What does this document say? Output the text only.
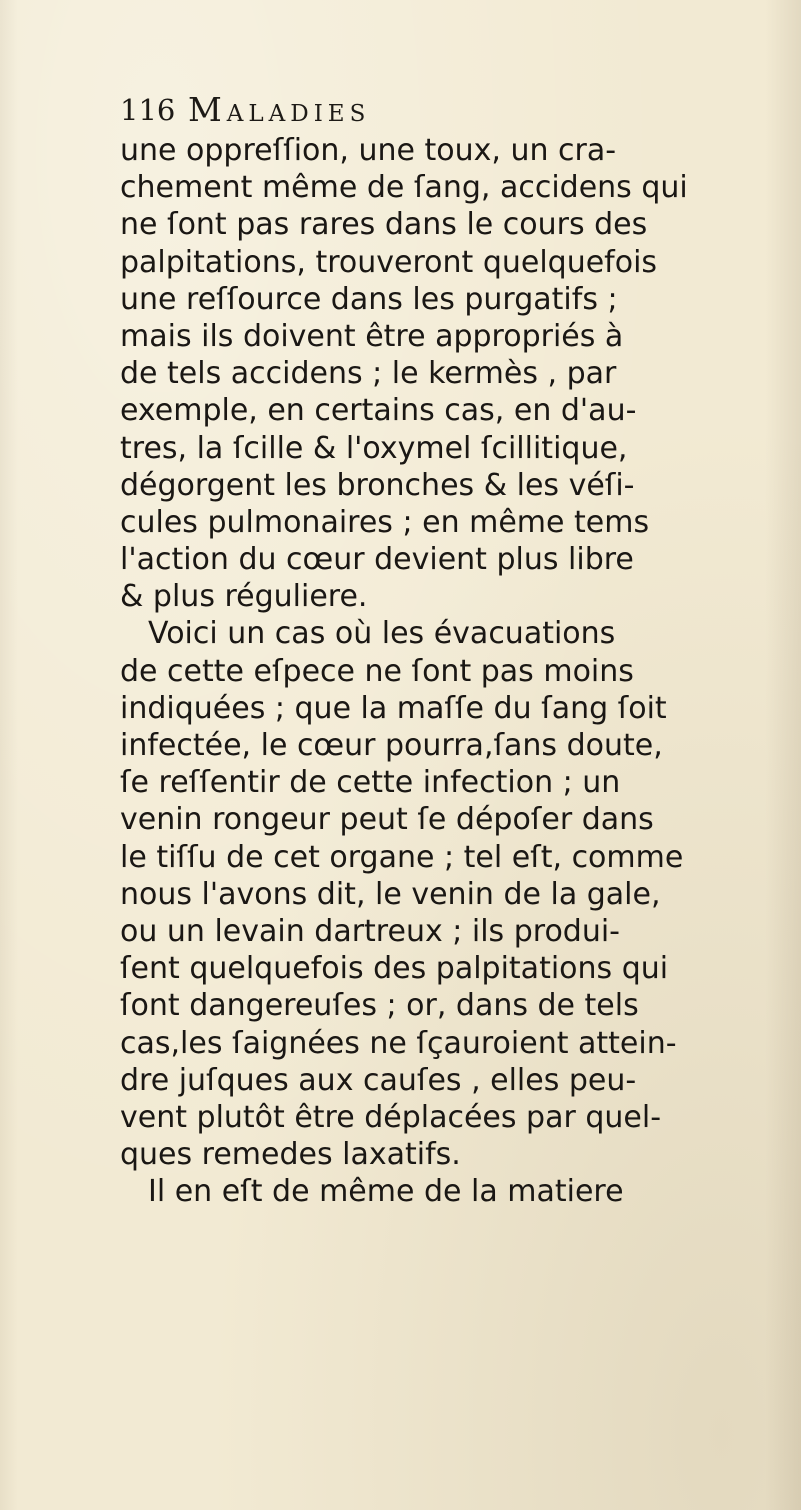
116 Maladies
une oppreſſion, une toux, un cra-
chement même de ſang, accidens qui
ne ſont pas rares dans le cours des
palpitations, trouveront quelquefois
une reſſource dans les purgatifs ;
mais ils doivent être appropriés à
de tels accidens ; le kermès , par
exemple, en certains cas, en d'au-
tres, la ſcille & l'oxymel ſcillitique,
dégorgent les bronches & les véſi-
cules pulmonaires ; en même tems
l'action du cœur devient plus libre
& plus réguliere.
Voici un cas où les évacuations
de cette eſpece ne ſont pas moins
indiquées ; que la maſſe du ſang ſoit
infectée, le cœur pourra,ſans doute,
ſe reſſentir de cette infection ; un
venin rongeur peut ſe dépoſer dans
le tiſſu de cet organe ; tel eſt, comme
nous l'avons dit, le venin de la gale,
ou un levain dartreux ; ils produi-
ſent quelquefois des palpitations qui
ſont dangereuſes ; or, dans de tels
cas,les ſaignées ne ſçauroient attein-
dre juſques aux cauſes , elles peu-
vent plutôt être déplacées par quel-
ques remedes laxatifs.
Il en eſt de même de la matiere
